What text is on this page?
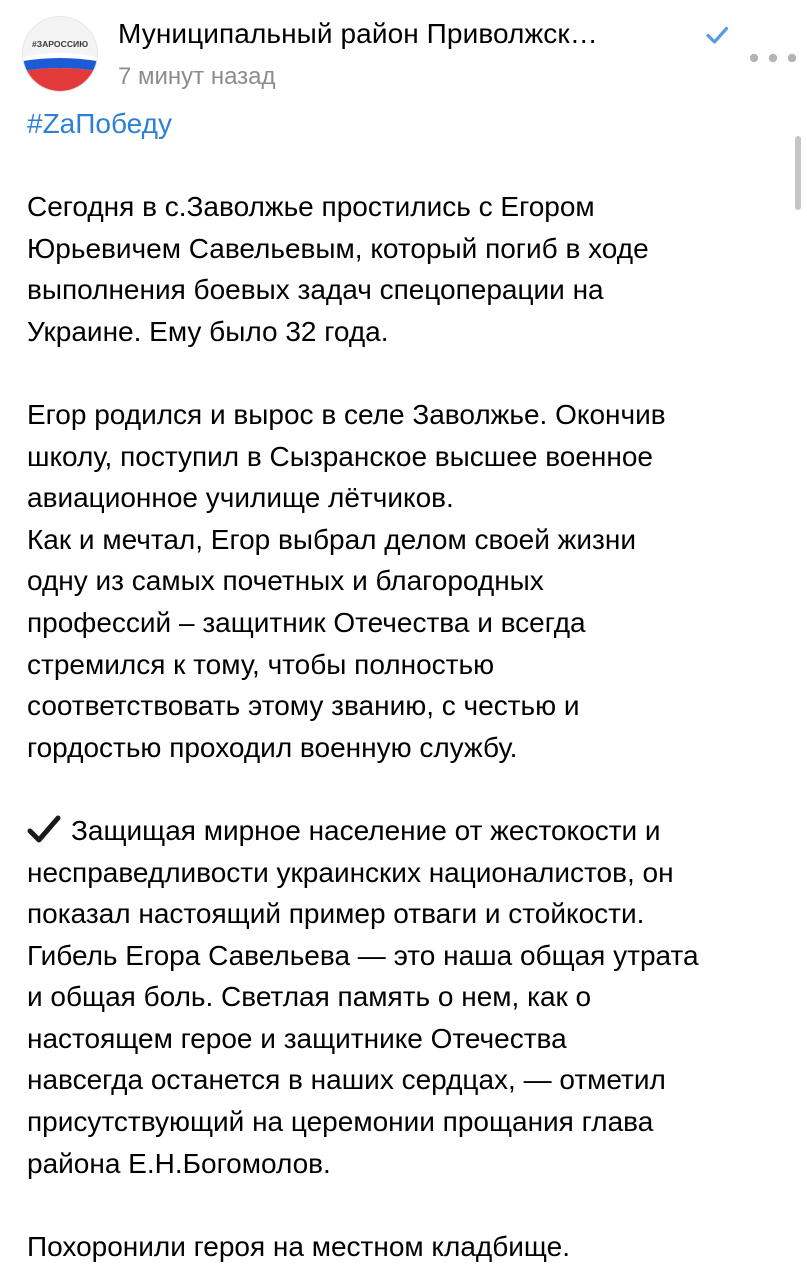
#ЗАРОССИЮ Муниципальный район Приволжск…
7 минут назад
#ZaПобеду

Сегодня в с.Заволжье простились с Егором
Юрьевичем Савельевым, который погиб в ходе
выполнения боевых задач спецоперации на
Украине. Ему было 32 года.

Егор родился и вырос в селе Заволжье. Окончив
школу, поступил в Сызранское высшее военное
авиационное училище лётчиков.

Как и мечтал, Егор выбрал делом своей жизни
одну из самых почетных и благородных
профессий – защитник Отечества и всегда
стремился к тому, чтобы полностью
соответствовать этому званию, с честью и
гордостью проходил военную службу.

Защищая мирное население от жестокости и
несправедливости украинских националистов, он
показал настоящий пример отваги и стойкости.
Гибель Егора Савельева — это наша общая утрата
и общая боль. Светлая память о нем, как о
настоящем герое и защитнике Отечества
навсегда останется в наших сердцах, — отметил
присутствующий на церемонии прощания глава
района Е.Н.Богомолов.

Похоронили героя на местном кладбище.
